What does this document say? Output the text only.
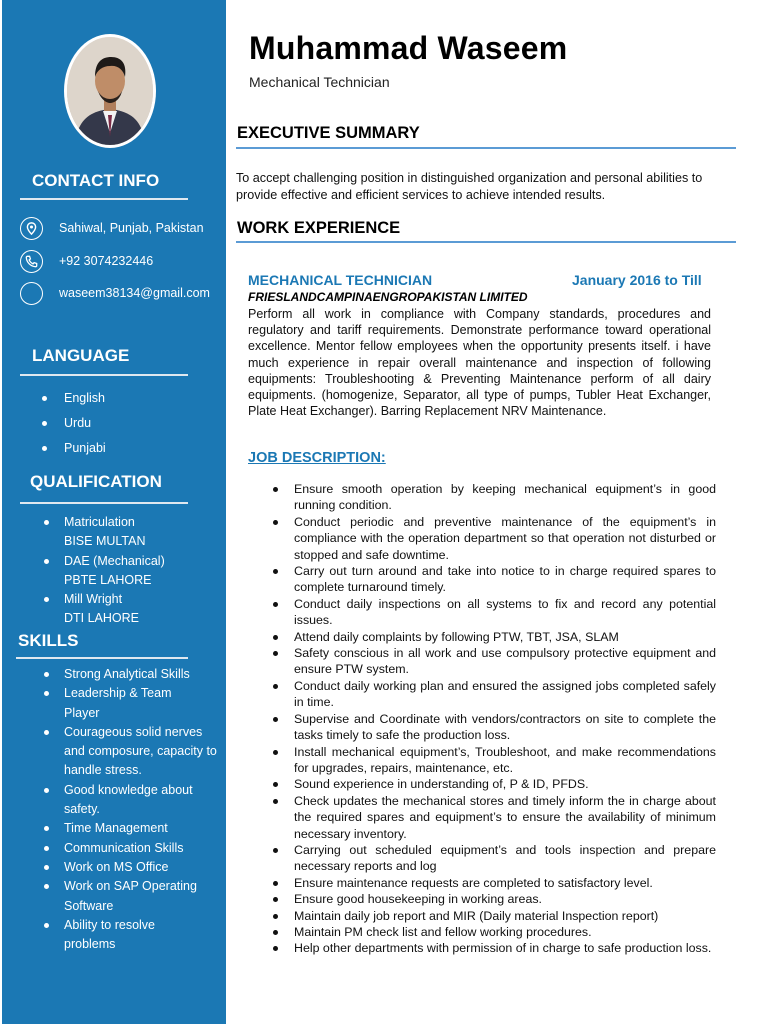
CONTACT INFO
Sahiwal, Punjab, Pakistan
+92 3074232446
waseem38134@gmail.com
LANGUAGE
English
Urdu
Punjabi
QUALIFICATION
Matriculation
BISE MULTAN
DAE (Mechanical)
PBTE LAHORE
Mill Wright
DTI LAHORE
SKILLS
Strong Analytical Skills
Leadership & Team Player
Courageous solid nerves and composure, capacity to handle stress.
Good knowledge about safety.
Time Management
Communication Skills
Work on MS Office
Work on SAP Operating Software
Ability to resolve problems
Muhammad Waseem
Mechanical Technician
EXECUTIVE SUMMARY
To accept challenging position in distinguished organization and personal abilities to provide effective and efficient services to achieve intended results.
WORK EXPERIENCE
MECHANICAL TECHNICIAN	January 2016 to Till
FRIESLANDCAMPINAENGROPAKISTAN LIMITED
Perform all work in compliance with Company standards, procedures and regulatory and tariff requirements. Demonstrate performance toward operational excellence. Mentor fellow employees when the opportunity presents itself. i have much experience in repair overall maintenance and inspection of following equipments: Troubleshooting & Preventing Maintenance perform of all dairy equipments. (homogenize, Separator, all type of pumps, Tubler Heat Exchanger, Plate Heat Exchanger). Barring Replacement NRV Maintenance.
JOB DESCRIPTION:
Ensure smooth operation by keeping mechanical equipment’s in good running condition.
Conduct periodic and preventive maintenance of the equipment’s in compliance with the operation department so that operation not disturbed or stopped and safe downtime.
Carry out turn around and take into notice to in charge required spares to complete turnaround timely.
Conduct daily inspections on all systems to fix and record any potential issues.
Attend daily complaints by following PTW, TBT, JSA, SLAM
Safety conscious in all work and use compulsory protective equipment and ensure PTW system.
Conduct daily working plan and ensured the assigned jobs completed safely in time.
Supervise and Coordinate with vendors/contractors on site to complete the tasks timely to safe the production loss.
Install mechanical equipment’s, Troubleshoot, and make recommendations for upgrades, repairs, maintenance, etc.
Sound experience in understanding of, P & ID, PFDS.
Check updates the mechanical stores and timely inform the in charge about the required spares and equipment’s to ensure the availability of minimum necessary inventory.
Carrying out scheduled equipment’s and tools inspection and prepare necessary reports and log
Ensure maintenance requests are completed to satisfactory level.
Ensure good housekeeping in working areas.
Maintain daily job report and MIR (Daily material Inspection report)
Maintain PM check list and fellow working procedures.
Help other departments with permission of in charge to safe production loss.
